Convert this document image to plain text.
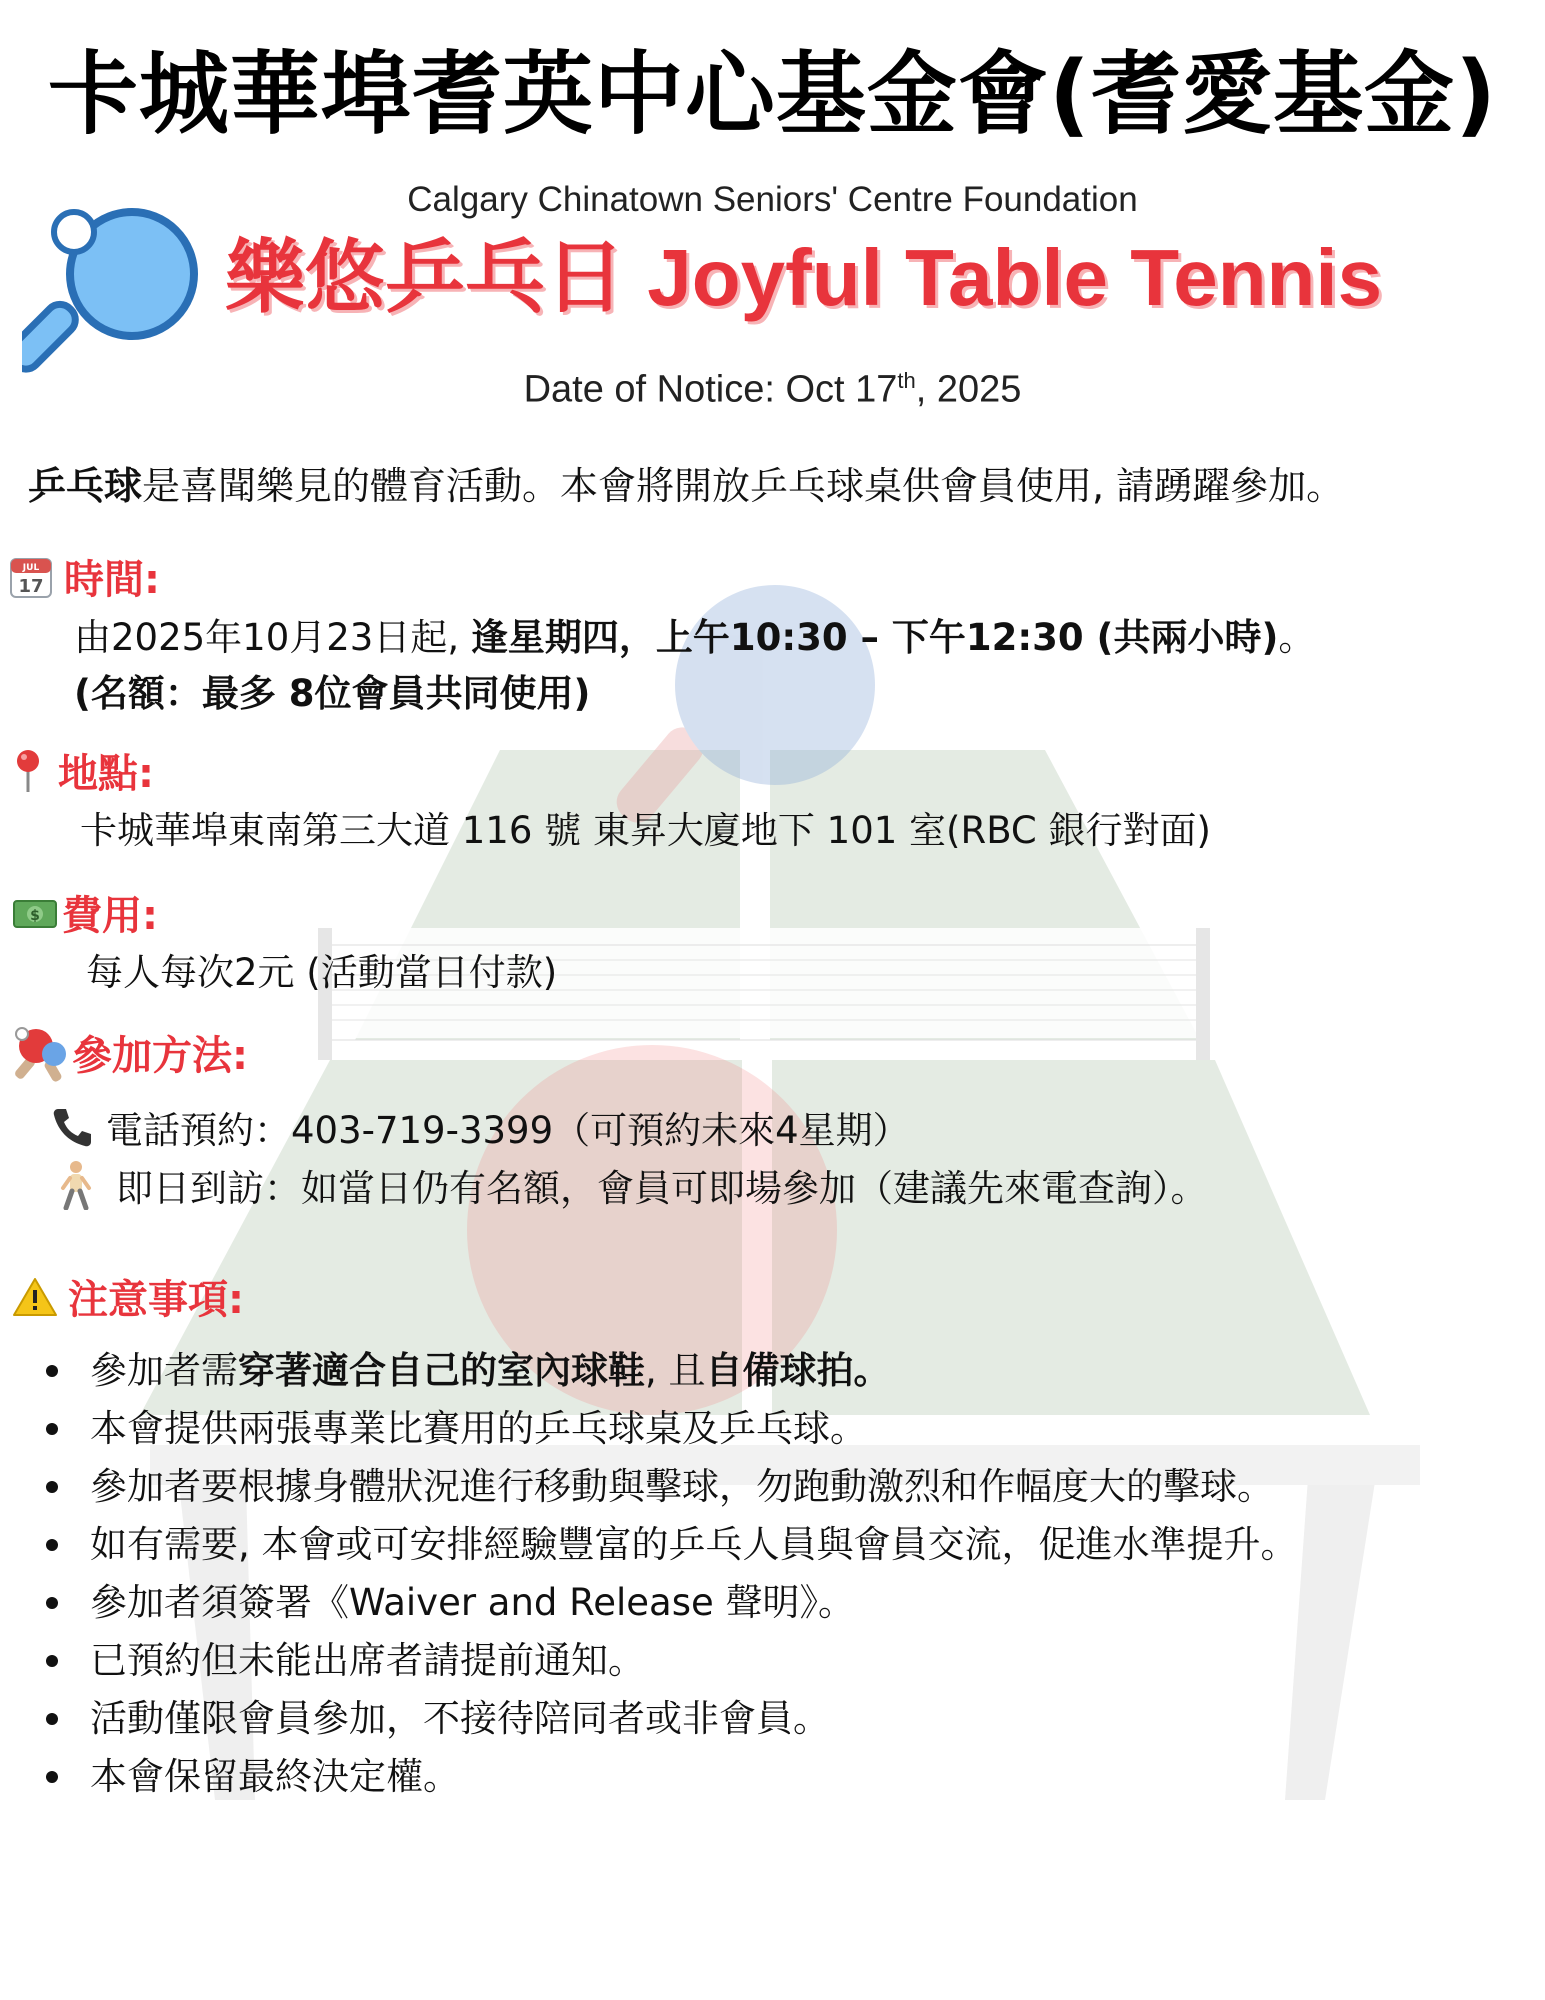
卡城華埠耆英中心基金會(耆愛基金)
Calgary Chinatown Seniors' Centre Foundation
樂悠乒乓日 Joyful Table Tennis
Date of Notice: Oct 17th, 2025
乒乓球是喜聞樂見的體育活動。本會將開放乒乓球桌供會員使用, 請踴躍參加。
JUL
17 時間:
由2025年10月23日起, 逢星期四，上午10:30 – 下午12:30 (共兩小時)。
(名額：最多 8位會員共同使用)
地點:
卡城華埠東南第三大道 116 號 東昇大廈地下 101 室(RBC 銀行對面)
$ 費用:
每人每次2元 (活動當日付款)
參加方法:
電話預約：403-719-3399（可預約未來4星期）
即日到訪：如當日仍有名額，會員可即場參加（建議先來電查詢）。
注意事項:
參加者需穿著適合自己的室內球鞋, 且自備球拍。
本會提供兩張專業比賽用的乒乓球桌及乒乓球。
參加者要根據身體狀況進行移動與擊球，勿跑動激烈和作幅度大的擊球。
如有需要, 本會或可安排經驗豐富的乒乓人員與會員交流，促進水準提升。
參加者須簽署《Waiver and Release 聲明》。
已預約但未能出席者請提前通知。
活動僅限會員參加，不接待陪同者或非會員。
本會保留最終決定權。
